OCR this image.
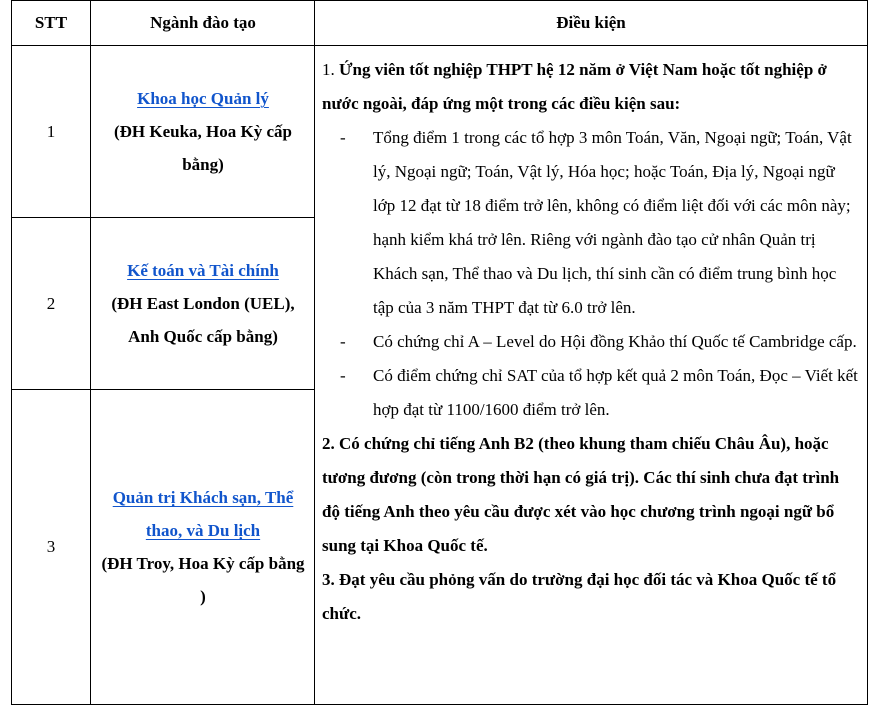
STT	Ngành đào tạo	Điều kiện
1
Khoa học Quản lý
(ĐH Keuka, Hoa Kỳ cấp bằng)
2
Kế toán và Tài chính
(ĐH East London (UEL), Anh Quốc cấp bằng)
3
Quản trị Khách sạn, Thể thao, và Du lịch
(ĐH Troy, Hoa Kỳ cấp bằng )

1. Ứng viên tốt nghiệp THPT hệ 12 năm ở Việt Nam hoặc tốt nghiệp ở nước ngoài, đáp ứng một trong các điều kiện sau:

- Tổng điểm 1 trong các tổ hợp 3 môn Toán, Văn, Ngoại ngữ; Toán, Vật lý, Ngoại ngữ; Toán, Vật lý, Hóa học; hoặc Toán, Địa lý, Ngoại ngữ lớp 12 đạt từ 18 điểm trở lên, không có điểm liệt đối với các môn này; hạnh kiểm khá trở lên. Riêng với ngành đào tạo cử nhân Quản trị Khách sạn, Thể thao và Du lịch, thí sinh cần có điểm trung bình học tập của 3 năm THPT đạt từ 6.0 trở lên.
- Có chứng chỉ A – Level do Hội đồng Khảo thí Quốc tế Cambridge cấp.
- Có điểm chứng chỉ SAT của tổ hợp kết quả 2 môn Toán, Đọc – Viết kết hợp đạt từ 1100/1600 điểm trở lên.

2. Có chứng chỉ tiếng Anh B2 (theo khung tham chiếu Châu Âu), hoặc tương đương (còn trong thời hạn có giá trị). Các thí sinh chưa đạt trình độ tiếng Anh theo yêu cầu được xét vào học chương trình ngoại ngữ bổ sung tại Khoa Quốc tế.

3. Đạt yêu cầu phỏng vấn do trường đại học đối tác và Khoa Quốc tế tổ chức.
